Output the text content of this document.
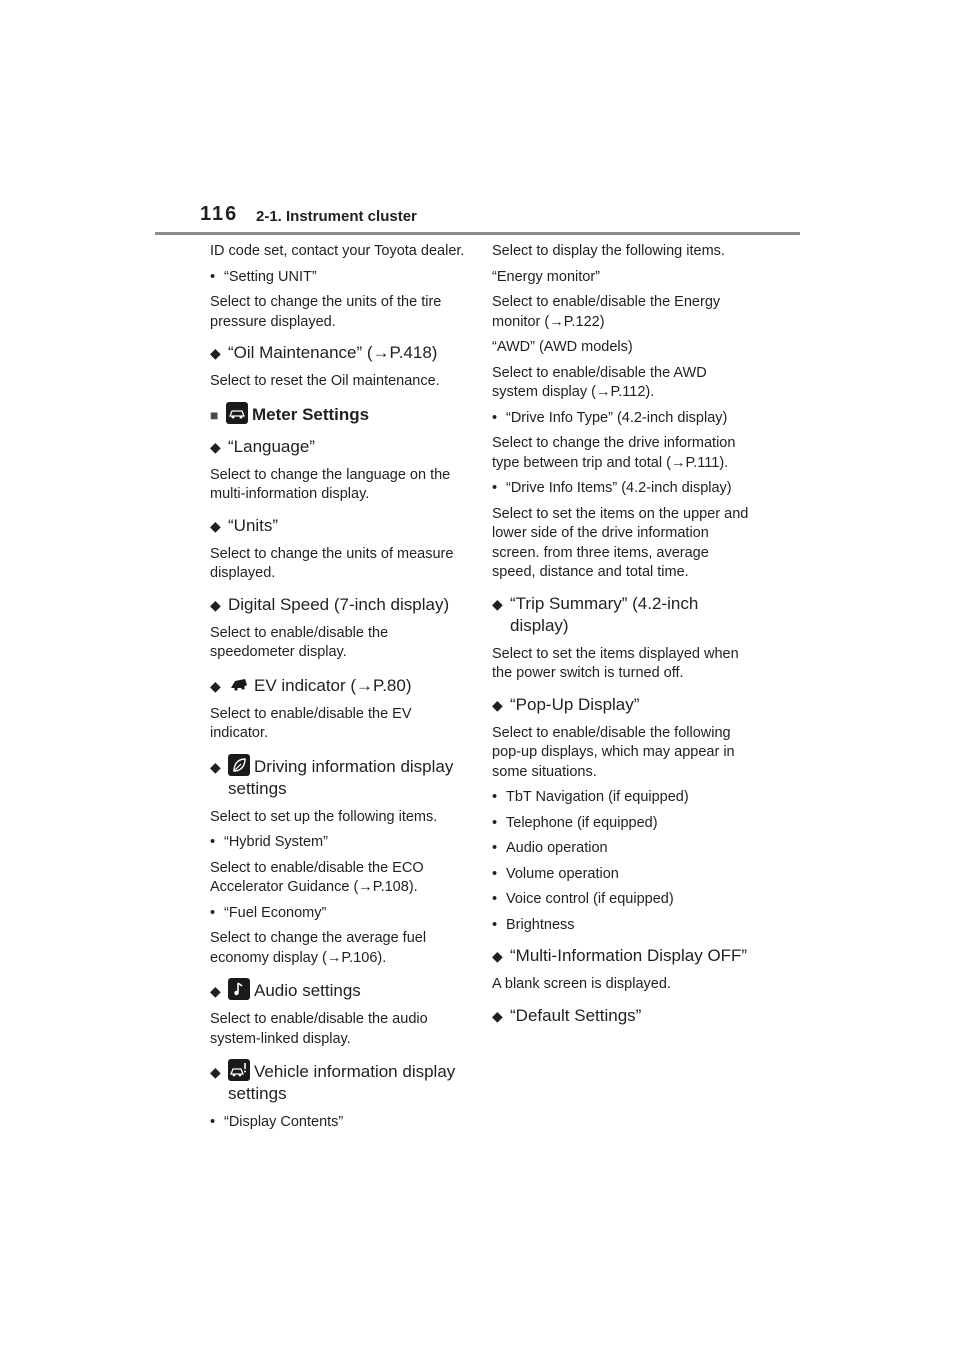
116 2-1. Instrument cluster

ID code set, contact your Toyota dealer.

• “Setting UNIT”

Select to change the units of the tire pressure displayed.

◆ “Oil Maintenance” (→P.418)

Select to reset the Oil maintenance.

■ Meter Settings

◆ “Language”

Select to change the language on the multi-information display.

◆ “Units”

Select to change the units of measure displayed.

◆ Digital Speed (7-inch display)

Select to enable/disable the speedometer display.

◆ EV indicator (→P.80)

Select to enable/disable the EV indicator.

◆ Driving information display settings

Select to set up the following items.

• “Hybrid System”

Select to enable/disable the ECO Accelerator Guidance (→P.108).

• “Fuel Economy”

Select to change the average fuel economy display (→P.106).

◆ Audio settings

Select to enable/disable the audio system-linked display.

◆ Vehicle information display settings

• “Display Contents”

Select to display the following items.

“Energy monitor”

Select to enable/disable the Energy monitor (→P.122)

“AWD” (AWD models)

Select to enable/disable the AWD system display (→P.112).

• “Drive Info Type” (4.2-inch display)

Select to change the drive information type between trip and total (→P.111).

• “Drive Info Items” (4.2-inch display)

Select to set the items on the upper and lower side of the drive information screen. from three items, average speed, distance and total time.

◆ “Trip Summary” (4.2-inch display)

Select to set the items displayed when the power switch is turned off.

◆ “Pop-Up Display”

Select to enable/disable the following pop-up displays, which may appear in some situations.

• TbT Navigation (if equipped)

• Telephone (if equipped)

• Audio operation

• Volume operation

• Voice control (if equipped)

• Brightness

◆ “Multi-Information Display OFF”

A blank screen is displayed.

◆ “Default Settings”
